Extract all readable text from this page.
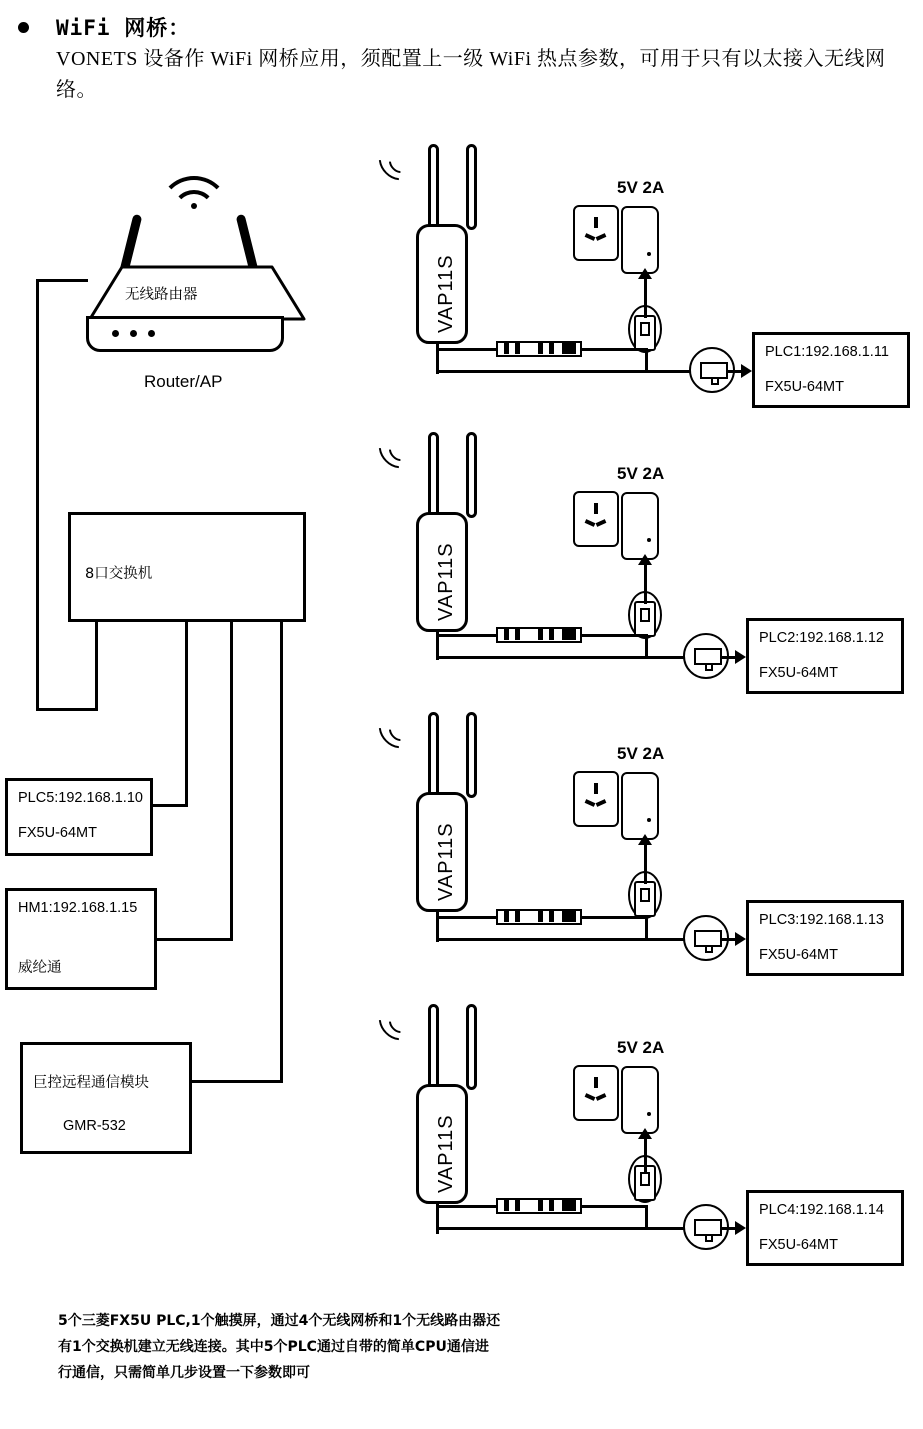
WiFi 网桥：
VONETS 设备作 WiFi 网桥应用，须配置上一级 WiFi 热点参数，可用于只有以太接入无线网络。
无线路由器
Router/AP
8口交换机
PLC5:192.168.1.10
FX5U-64MT
HM1:192.168.1.15
威纶通
巨控远程通信模块
GMR-532
VAP11S
5V 2A
PLC1:192.168.1.11
FX5U-64MT
VAP11S
5V 2A
PLC2:192.168.1.12
FX5U-64MT
VAP11S
5V 2A
PLC3:192.168.1.13
FX5U-64MT
VAP11S
5V 2A
PLC4:192.168.1.14
FX5U-64MT
5个三菱FX5U PLC,1个触摸屏，通过4个无线网桥和1个无线路由器还
有1个交换机建立无线连接。其中5个PLC通过自带的简单CPU通信进
行通信，只需简单几步设置一下参数即可
